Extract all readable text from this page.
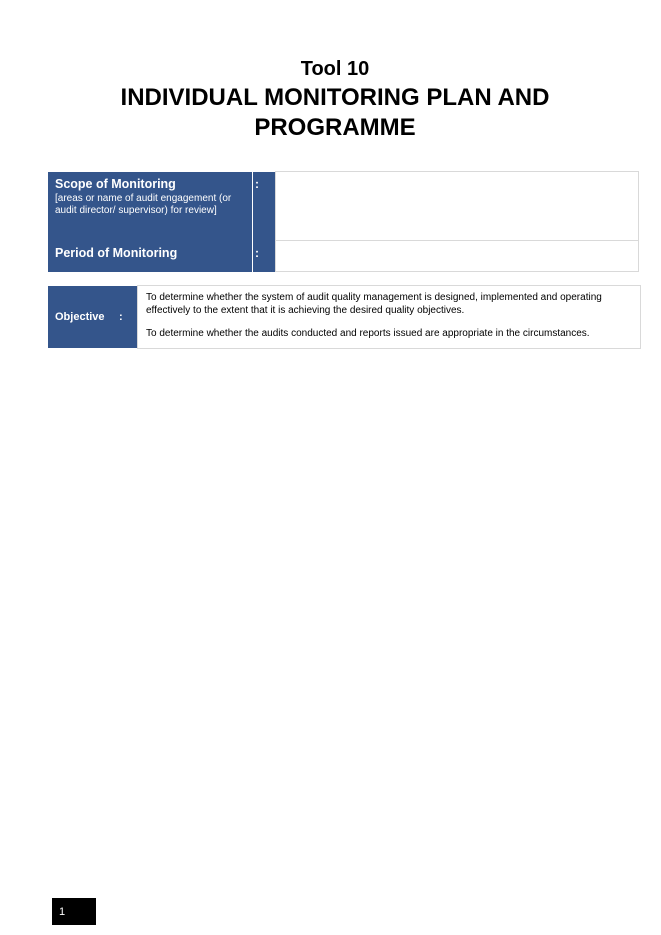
Tool 10
INDIVIDUAL MONITORING PLAN AND PROGRAMME
Scope of Monitoring
[areas or name of audit engagement (or audit director/ supervisor) for review]		:	

Period of Monitoring		:	
Objective	:	
To determine whether the system of audit quality management is designed, implemented and operating effectively to the extent that it is achieving the desired quality objectives.
To determine whether the audits conducted and reports issued are appropriate in the circumstances.
1
